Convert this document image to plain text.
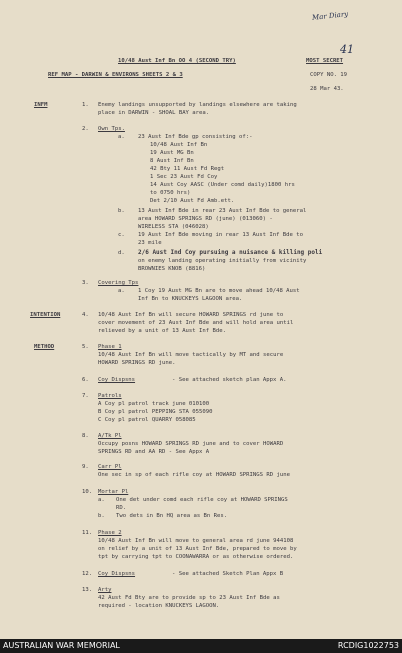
Mar Diary
41
10/48 Aust Inf Bn OO 4 (SECOND TRY)	MOST SECRET
REF MAP - DARWIN & ENVIRONS SHEETS 2 & 3	COPY NO. 19
28 Mar 43.
INFM	1. Enemy landings unsupported by landings elsewhere are taking
place in DARWIN - SHOAL BAY area.
2. Own Tps.
a. 23 Aust Inf Bde gp consisting of:-
10/48 Aust Inf Bn
19 Aust MG Bn
8 Aust Inf Bn
42 Bty 11 Aust Fd Regt
1 Sec 23 Aust Fd Coy
14 Aust Coy AASC (Under comd daily)1800 hrs
to 0750 hrs)
Det 2/10 Aust Fd Amb.ett.
b. 13 Aust Inf Bde in rear 23 Aust Inf Bde to general
area HOWARD SPRINGS RD (june) (013060) -
WIRELESS STA (046028)
c. 19 Aust Inf Bde moving in rear 13 Aust Inf Bde to
23 mile
d. 2/6 Aust Ind Coy pursuing a nuisance & killing poli
on enemy landing operating initially from vicinity
BROWNIES KNOB (8816)
3. Covering Tps
a. 1 Coy 19 Aust MG Bn are to move ahead 10/48 Aust
Inf Bn to KNUCKEYS LAGOON area.
INTENTION	4. 10/48 Aust Inf Bn will secure HOWARD SPRINGS rd june to
cover movement of 23 Aust Inf Bde and will hold area until
relieved by a unit of 13 Aust Inf Bde.
METHOD	5. Phase 1
10/48 Aust Inf Bn will move tactically by MT and secure
HOWARD SPRINGS RD june.
6. Coy Dispsns	- See attached sketch plan Appx A.
7. Patrols
A Coy pl patrol track june 010100
B Coy pl patrol PEPPING STA 055090
C Coy pl patrol QUARRY 058085
8. A/Tk Pl
Occupy posns HOWARD SPRINGS RD june and to cover HOWARD
SPRINGS RD and AA RD - See Appx A
9. Carr Pl
One sec in sp of each rifle coy at HOWARD SPRINGS RD june
10. Mortar Pl
a. One det under comd each rifle coy at HOWARD SPRINGS
RD.
b. Two dets in Bn HQ area as Bn Res.
11. Phase 2
10/48 Aust Inf Bn will move to general area rd june 944108
on relief by a unit of 13 Aust Inf Bde, prepared to move by
tpt by carrying tpt to COONAWARRA or as otherwise ordered.
12. Coy Dispsns	- See attached Sketch Plan Appx B
13. Arty
42 Aust Fd Bty are to provide sp to 23 Aust Inf Bde as
required - location KNUCKEYS LAGOON.
AUSTRALIAN WAR MEMORIAL	RCDIG1022753
